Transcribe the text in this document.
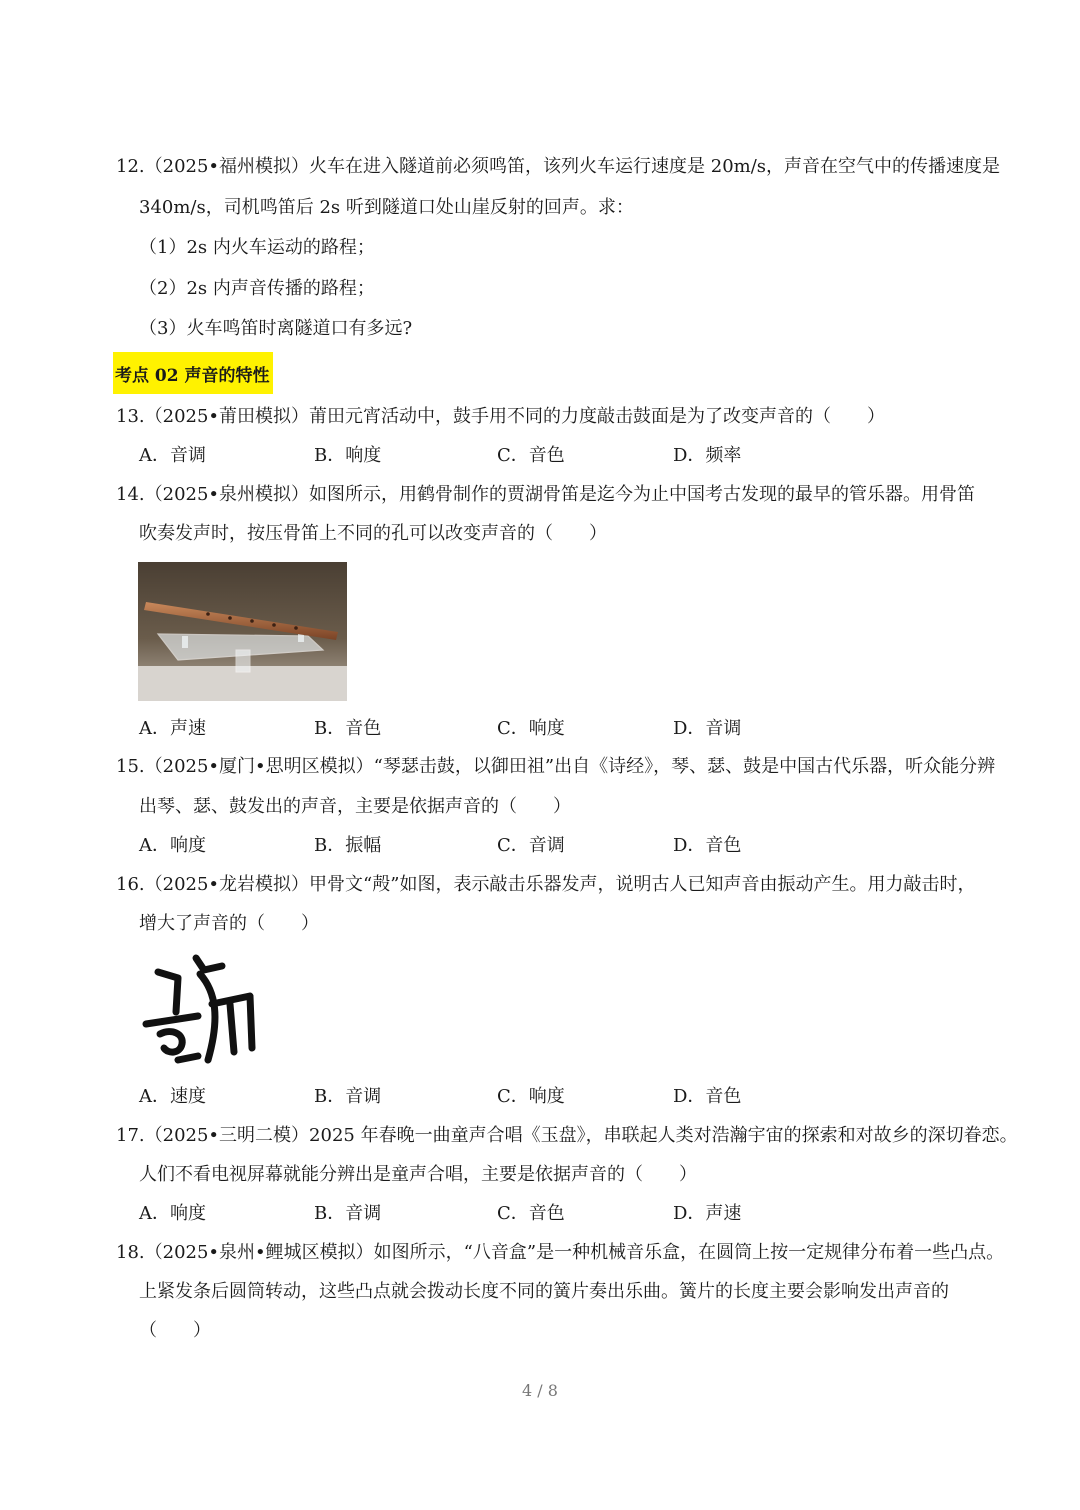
12.（2025•福州模拟）火车在进入隧道前必须鸣笛，该列火车运行速度是 20m/s，声音在空气中的传播速度是
340m/s，司机鸣笛后 2s 听到隧道口处山崖反射的回声。求：
（1）2s 内火车运动的路程；
（2）2s 内声音传播的路程；
（3）火车鸣笛时离隧道口有多远?
考点 02 声音的特性
13.（2025•莆田模拟）莆田元宵活动中，鼓手用不同的力度敲击鼓面是为了改变声音的（　　）
A．音调	B．响度	C．音色	D．频率
14.（2025•泉州模拟）如图所示，用鹤骨制作的贾湖骨笛是迄今为止中国考古发现的最早的管乐器。用骨笛
吹奏发声时，按压骨笛上不同的孔可以改变声音的（　　）
A．声速	B．音色	C．响度	D．音调
15.（2025•厦门•思明区模拟）“琴瑟击鼓，以御田祖”出自《诗经》，琴、瑟、鼓是中国古代乐器，听众能分辨
出琴、瑟、鼓发出的声音，主要是依据声音的（　　）
A．响度	B．振幅	C．音调	D．音色
16.（2025•龙岩模拟）甲骨文“殸”如图，表示敲击乐器发声，说明古人已知声音由振动产生。用力敲击时，
增大了声音的（　　）
A．速度	B．音调	C．响度	D．音色
17.（2025•三明二模）2025 年春晚一曲童声合唱《玉盘》，串联起人类对浩瀚宇宙的探索和对故乡的深切眷恋。
人们不看电视屏幕就能分辨出是童声合唱，主要是依据声音的（　　）
A．响度	B．音调	C．音色	D．声速
18.（2025•泉州•鲤城区模拟）如图所示，“八音盒”是一种机械音乐盒，在圆筒上按一定规律分布着一些凸点。
上紧发条后圆筒转动，这些凸点就会拨动长度不同的簧片奏出乐曲。簧片的长度主要会影响发出声音的
（　　）
4 / 8
